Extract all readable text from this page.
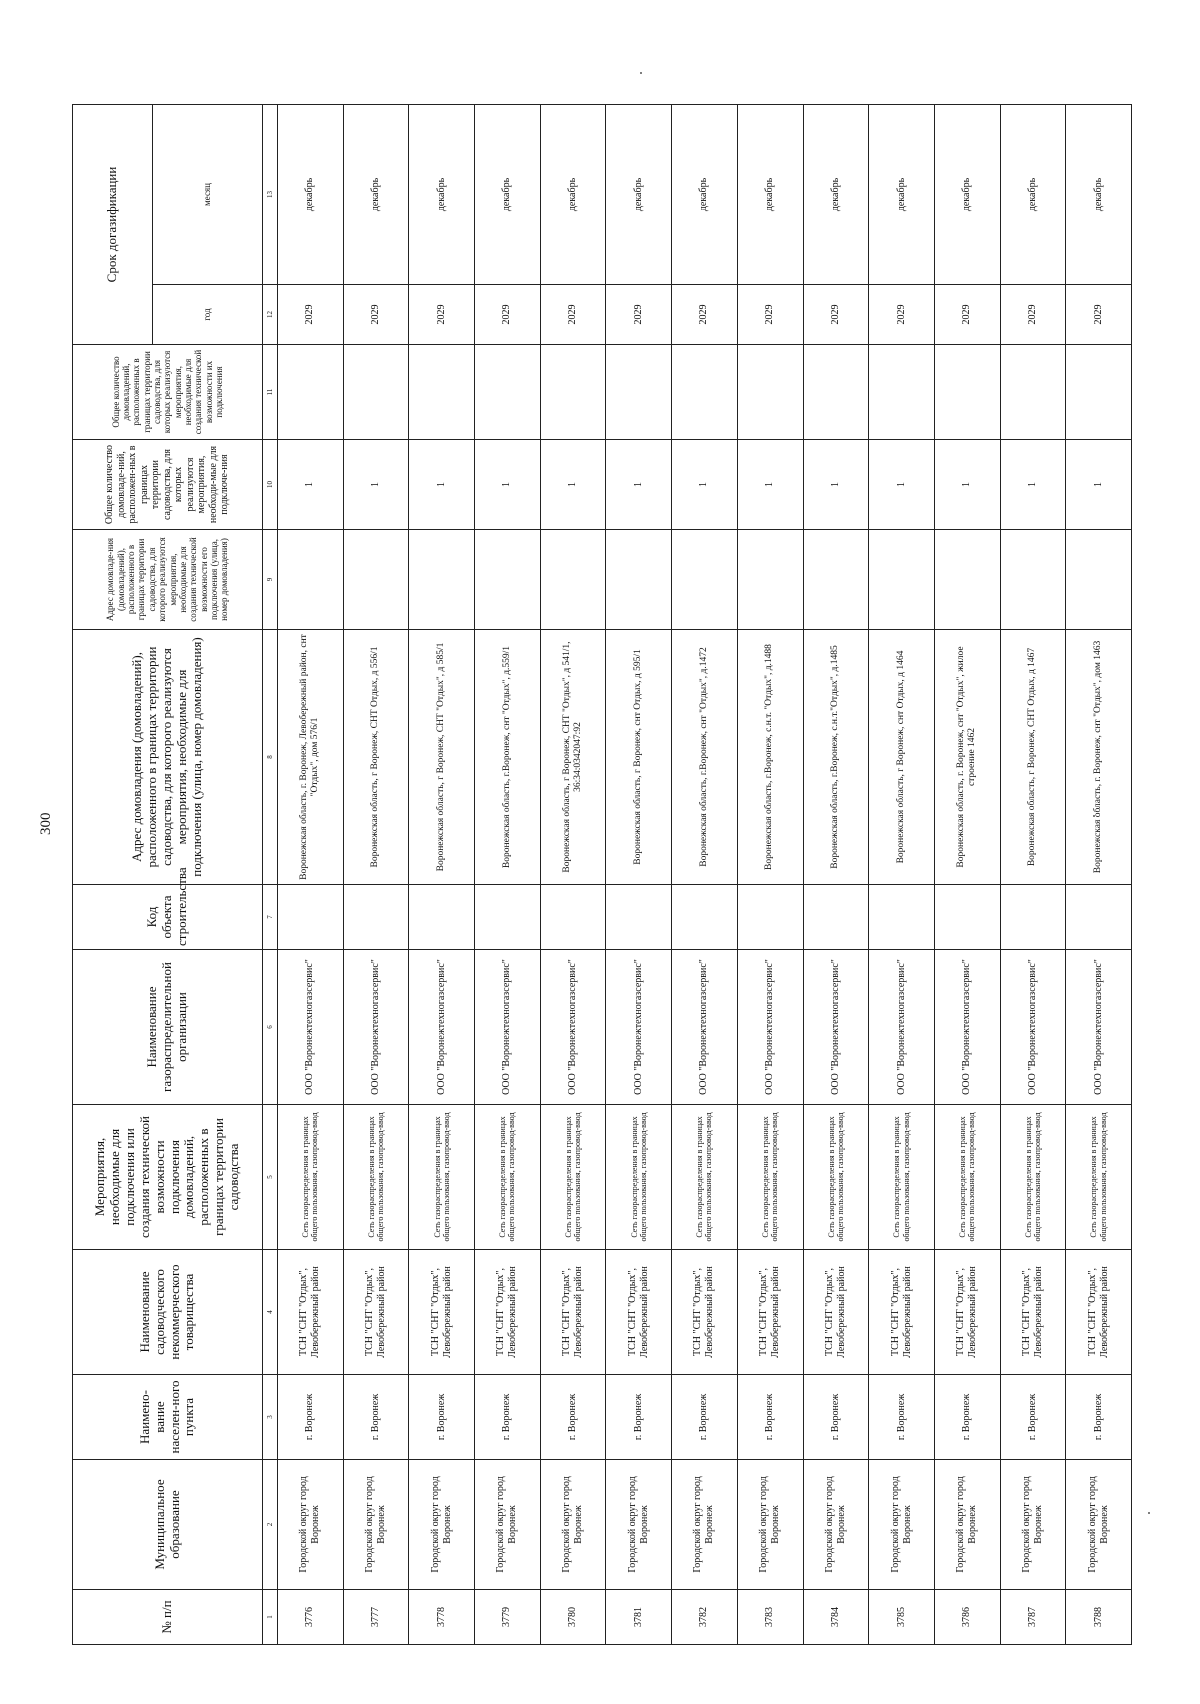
300
№ п/п	Муниципальное образование	Наимено-вание населен-ного пункта	Наименование садоводческого некоммерческого товарищества	Мероприятия, необходимые для подключения или создания технической возможности подключения домовладений, расположенных в границах территории садоводства	Наименование газораспределительной организации	Код объекта строительства	Адрес домовладения (домовладений), расположенного в границах территории садоводства, для которого реализуются мероприятия, необходимые для подключения (улица, номер домовладения)	Адрес домовладе-ния (домовладений), расположенного в границах территории садоводства, для которого реализуются мероприятия, необходимые для создания технической возможности его подключения (улица, номер домовладения)	Общее количество домовладе-ний, расположен-ных в границах территории садоводства, для которых реализуются мероприятия, необходи-мые для подключе-ния	Общее количество домовладений, расположенных в границах территории садоводства, для которых реализуются мероприятия, необходимые для создания технической возможности их подключения	Срок догазификации	
											год	месяц
1	2	3	4	5	6	7	8	9	10	11	12	13
3776	Городской округ город Воронеж	г. Воронеж	ТСН "СНТ "Отдых", Левобережный район	Сеть газораспределения в границах общего пользования, газопровод-ввод	ООО "Воронежтехногазсервис"		Воронежская область, г. Воронеж, Левобережный район, снт "Отдых", дом 576/1		1		2029	декабрь
3777	Городской округ город Воронеж	г. Воронеж	ТСН "СНТ "Отдых", Левобережный район	Сеть газораспределения в границах общего пользования, газопровод-ввод	ООО "Воронежтехногазсервис"		Воронежская область, г Воронеж, СНТ Отдых, д 556/1		1		2029	декабрь
3778	Городской округ город Воронеж	г. Воронеж	ТСН "СНТ "Отдых", Левобережный район	Сеть газораспределения в границах общего пользования, газопровод-ввод	ООО "Воронежтехногазсервис"		Воронежская область, г Воронеж, СНТ "Отдых", д 585/1		1		2029	декабрь
3779	Городской округ город Воронеж	г. Воронеж	ТСН "СНТ "Отдых", Левобережный район	Сеть газораспределения в границах общего пользования, газопровод-ввод	ООО "Воронежтехногазсервис"		Воронежская область, г.Воронеж, снт "Отдых", д.559/1		1		2029	декабрь
3780	Городской округ город Воронеж	г. Воронеж	ТСН "СНТ "Отдых", Левобережный район	Сеть газораспределения в границах общего пользования, газопровод-ввод	ООО "Воронежтехногазсервис"		Воронежская область, г Воронеж, СНТ "Отдых", д 541/1, 36:34:0342047:92		1		2029	декабрь
3781	Городской округ город Воронеж	г. Воронеж	ТСН "СНТ "Отдых", Левобережный район	Сеть газораспределения в границах общего пользования, газопровод-ввод	ООО "Воронежтехногазсервис"		Воронежская область, г Воронеж, снт Отдых, д 595/1		1		2029	декабрь
3782	Городской округ город Воронеж	г. Воронеж	ТСН "СНТ "Отдых", Левобережный район	Сеть газораспределения в границах общего пользования, газопровод-ввод	ООО "Воронежтехногазсервис"		Воронежская область, г.Воронеж, снт "Отдых", д.1472		1		2029	декабрь
3783	Городской округ город Воронеж	г. Воронеж	ТСН "СНТ "Отдых", Левобережный район	Сеть газораспределения в границах общего пользования, газопровод-ввод	ООО "Воронежтехногазсервис"		Воронежская область, г.Воронеж, с.н.т. "Отдых", д.1488		1		2029	декабрь
3784	Городской округ город Воронеж	г. Воронеж	ТСН "СНТ "Отдых", Левобережный район	Сеть газораспределения в границах общего пользования, газопровод-ввод	ООО "Воронежтехногазсервис"		Воронежская область, г.Воронеж, с.н.т."Отдых", д.1485		1		2029	декабрь
3785	Городской округ город Воронеж	г. Воронеж	ТСН "СНТ "Отдых", Левобережный район	Сеть газораспределения в границах общего пользования, газопровод-ввод	ООО "Воронежтехногазсервис"		Воронежская область, г Воронеж, снт Отдых, д 1464		1		2029	декабрь
3786	Городской округ город Воронеж	г. Воронеж	ТСН "СНТ "Отдых", Левобережный район	Сеть газораспределения в границах общего пользования, газопровод-ввод	ООО "Воронежтехногазсервис"		Воронежская область, г. Воронеж, снт "Отдых", жилое строение 1462		1		2029	декабрь
3787	Городской округ город Воронеж	г. Воронеж	ТСН "СНТ "Отдых", Левобережный район	Сеть газораспределения в границах общего пользования, газопровод-ввод	ООО "Воронежтехногазсервис"		Воронежская область, г Воронеж, СНТ Отдых, д 1467		1		2029	декабрь
3788	Городской округ город Воронеж	г. Воронеж	ТСН "СНТ "Отдых", Левобережный район	Сеть газораспределения в границах общего пользования, газопровод-ввод	ООО "Воронежтехногазсервис"		Воронежская область, г. Воронеж, снт "Отдых", дом 1463		1		2029	декабрь
